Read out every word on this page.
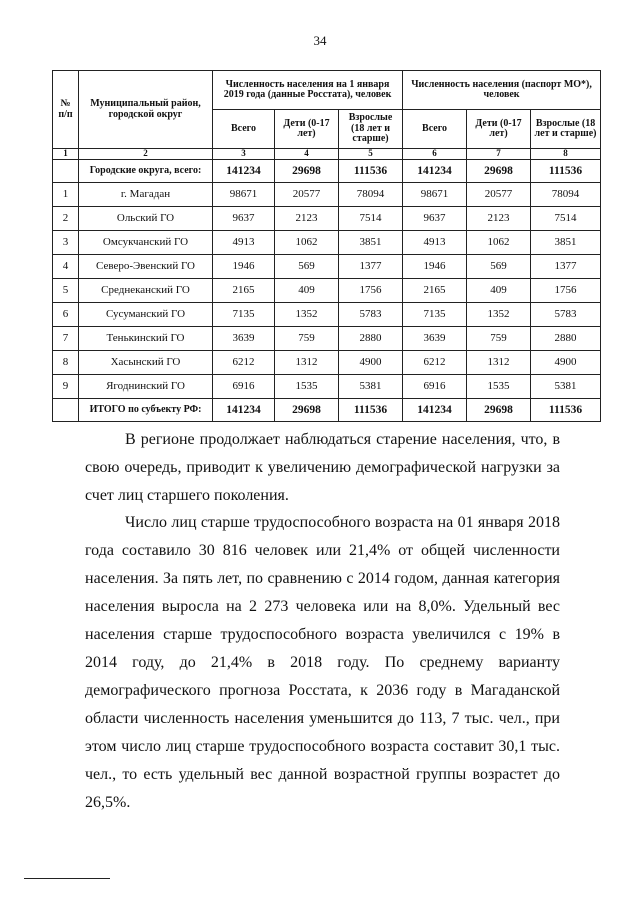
34
№ п/п	Муниципальный район, городской округ	Численность населения на 1 января 2019 года (данные Росстата), человек			Численность населения (паспорт МО*), человек		
		Всего	Дети (0-17 лет)	Взрослые (18 лет и старше)	Всего	Дети (0-17 лет)	Взрослые (18 лет и старше)
1	2	3	4	5	6	7	8
	Городские округа, всего:	141234	29698	111536	141234	29698	111536
1	г. Магадан	98671	20577	78094	98671	20577	78094
2	Ольский ГО	9637	2123	7514	9637	2123	7514
3	Омсукчанский ГО	4913	1062	3851	4913	1062	3851
4	Северо-Эвенский ГО	1946	569	1377	1946	569	1377
5	Среднеканский ГО	2165	409	1756	2165	409	1756
6	Сусуманский ГО	7135	1352	5783	7135	1352	5783
7	Тенькинский ГО	3639	759	2880	3639	759	2880
8	Хасынский ГО	6212	1312	4900	6212	1312	4900
9	Ягоднинский ГО	6916	1535	5381	6916	1535	5381
	ИТОГО по субъекту РФ:	141234	29698	111536	141234	29698	111536

В регионе продолжает наблюдаться старение населения, что, в свою очередь, приводит к увеличению демографической нагрузки за счет лиц старшего поколения.

Число лиц старше трудоспособного возраста на 01 января 2018 года составило 30 816 человек или 21,4% от общей численности населения. За пять лет, по сравнению с 2014 годом, данная категория населения выросла на 2 273 человека или на 8,0%. Удельный вес населения старше трудоспособного возраста увеличился с 19% в 2014 году, до 21,4% в 2018 году. По среднему варианту демографического прогноза Росстата, к 2036 году в Магаданской области численность населения уменьшится до 113, 7 тыс. чел., при этом число лиц старше трудоспособного возраста составит 30,1 тыс. чел., то есть удельный вес данной возрастной группы возрастет до 26,5%.
